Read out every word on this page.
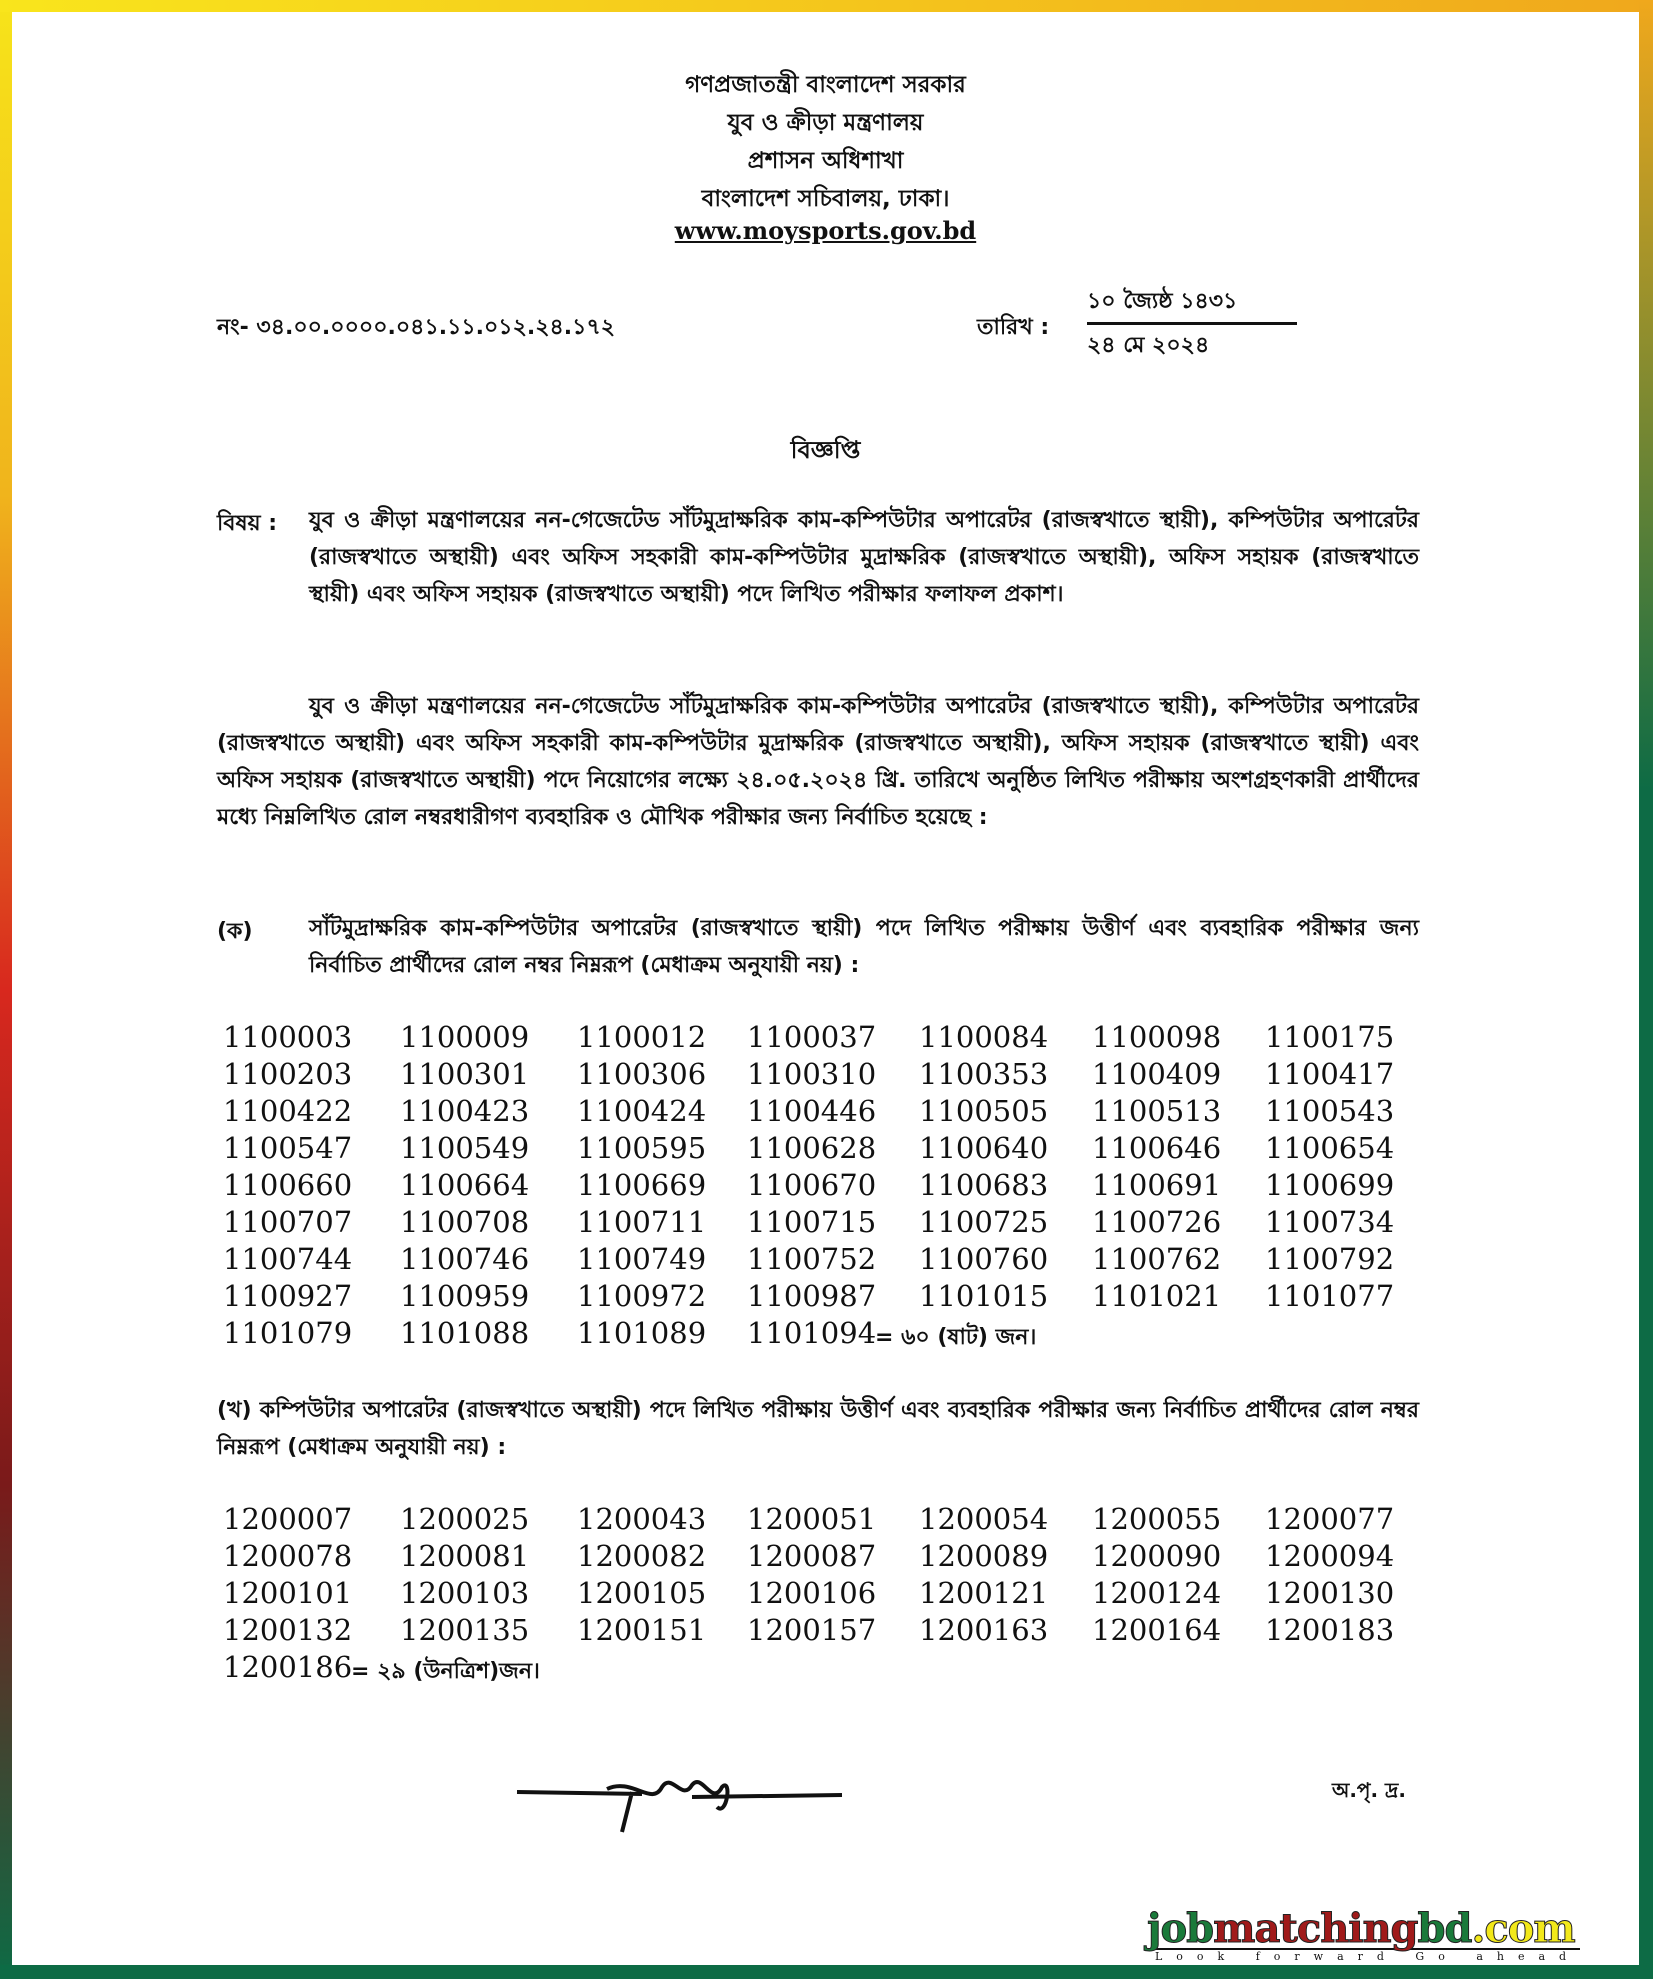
গণপ্রজাতন্ত্রী বাংলাদেশ সরকার
যুব ও ক্রীড়া মন্ত্রণালয়
প্রশাসন অধিশাখা
বাংলাদেশ সচিবালয়, ঢাকা।
www.moysports.gov.bd
নং- ৩৪.০০.০০০০.০৪১.১১.০১২.২৪.১৭২	তারিখ :
১০ জ্যৈষ্ঠ ১৪৩১
২৪ মে ২০২৪
বিজ্ঞপ্তি
বিষয় : যুব ও ক্রীড়া মন্ত্রণালয়ের নন-গেজেটেড সাঁটমুদ্রাক্ষরিক কাম-কম্পিউটার অপারেটর (রাজস্বখাতে স্থায়ী), কম্পিউটার অপারেটর (রাজস্বখাতে অস্থায়ী) এবং অফিস সহকারী কাম-কম্পিউটার মুদ্রাক্ষরিক (রাজস্বখাতে অস্থায়ী), অফিস সহায়ক (রাজস্বখাতে স্থায়ী) এবং অফিস সহায়ক (রাজস্বখাতে অস্থায়ী) পদে লিখিত পরীক্ষার ফলাফল প্রকাশ।
যুব ও ক্রীড়া মন্ত্রণালয়ের নন-গেজেটেড সাঁটমুদ্রাক্ষরিক কাম-কম্পিউটার অপারেটর (রাজস্বখাতে স্থায়ী), কম্পিউটার অপারেটর (রাজস্বখাতে অস্থায়ী) এবং অফিস সহকারী কাম-কম্পিউটার মুদ্রাক্ষরিক (রাজস্বখাতে অস্থায়ী), অফিস সহায়ক (রাজস্বখাতে স্থায়ী) এবং অফিস সহায়ক (রাজস্বখাতে অস্থায়ী) পদে নিয়োগের লক্ষ্যে ২৪.০৫.২০২৪ খ্রি. তারিখে অনুষ্ঠিত লিখিত পরীক্ষায় অংশগ্রহণকারী প্রার্থীদের মধ্যে নিম্নলিখিত রোল নম্বরধারীগণ ব্যবহারিক ও মৌখিক পরীক্ষার জন্য নির্বাচিত হয়েছে :
(ক)	সাঁটমুদ্রাক্ষরিক কাম-কম্পিউটার অপারেটর (রাজস্বখাতে স্থায়ী) পদে লিখিত পরীক্ষায় উত্তীর্ণ এবং ব্যবহারিক পরীক্ষার জন্য নির্বাচিত প্রার্থীদের রোল নম্বর নিম্নরূপ (মেধাক্রম অনুযায়ী নয়) :
1100003 1100009 1100012 1100037 1100084 1100098 1100175
1100203 1100301 1100306 1100310 1100353 1100409 1100417
1100422 1100423 1100424 1100446 1100505 1100513 1100543
1100547 1100549 1100595 1100628 1100640 1100646 1100654
1100660 1100664 1100669 1100670 1100683 1100691 1100699
1100707 1100708 1100711 1100715 1100725 1100726 1100734
1100744 1100746 1100749 1100752 1100760 1100762 1100792
1100927 1100959 1100972 1100987 1101015 1101021 1101077
1101079 1101088 1101089 1101094
= ৬০ (ষাট) জন।
(খ) কম্পিউটার অপারেটর (রাজস্বখাতে অস্থায়ী) পদে লিখিত পরীক্ষায় উত্তীর্ণ এবং ব্যবহারিক পরীক্ষার জন্য নির্বাচিত প্রার্থীদের রোল নম্বর নিম্নরূপ (মেধাক্রম অনুযায়ী নয়) :
1200007 1200025 1200043 1200051 1200054 1200055 1200077
1200078 1200081 1200082 1200087 1200089 1200090 1200094
1200101 1200103 1200105 1200106 1200121 1200124 1200130
1200132 1200135 1200151 1200157 1200163 1200164 1200183
1200186
= ২৯ (উনত্রিশ)জন।
অ.পৃ. দ্র.
jobmatchingbd.com
Look forward Go ahead
